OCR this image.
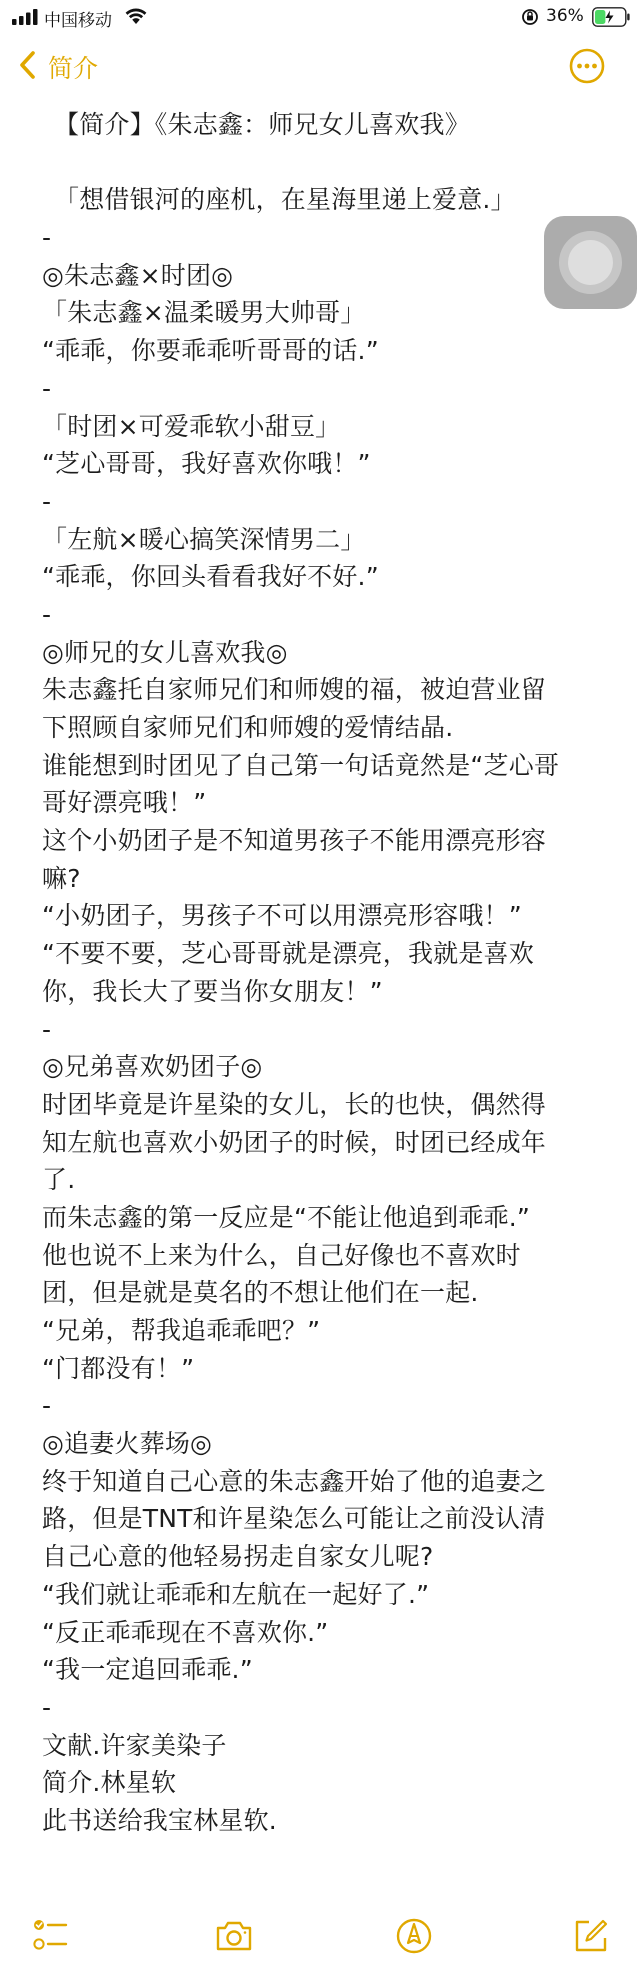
中国移动	36%
简介
【简介】《朱志鑫：师兄女儿喜欢我》
「想借银河的座机，在星海里递上爱意.」
-
◎朱志鑫×时团◎
「朱志鑫×温柔暖男大帅哥」
“乖乖，你要乖乖听哥哥的话.”
-
「时团×可爱乖软小甜豆」
“芝心哥哥，我好喜欢你哦！”
-
「左航×暖心搞笑深情男二」
“乖乖，你回头看看我好不好.”
-
◎师兄的女儿喜欢我◎
朱志鑫托自家师兄们和师嫂的福，被迫营业留
下照顾自家师兄们和师嫂的爱情结晶.
谁能想到时团见了自己第一句话竟然是“芝心哥
哥好漂亮哦！”
这个小奶团子是不知道男孩子不能用漂亮形容
嘛?
“小奶团子，男孩子不可以用漂亮形容哦！”
“不要不要，芝心哥哥就是漂亮，我就是喜欢
你，我长大了要当你女朋友！”
-
◎兄弟喜欢奶团子◎
时团毕竟是许星染的女儿，长的也快，偶然得
知左航也喜欢小奶团子的时候，时团已经成年
了.
而朱志鑫的第一反应是“不能让他追到乖乖.”
他也说不上来为什么，自己好像也不喜欢时
团，但是就是莫名的不想让他们在一起.
“兄弟，帮我追乖乖吧？”
“门都没有！”
-
◎追妻火葬场◎
终于知道自己心意的朱志鑫开始了他的追妻之
路，但是TNT和许星染怎么可能让之前没认清
自己心意的他轻易拐走自家女儿呢?
“我们就让乖乖和左航在一起好了.”
“反正乖乖现在不喜欢你.”
“我一定追回乖乖.”
-
文献.许家美染子
简介.林星软
此书送给我宝林星软.
